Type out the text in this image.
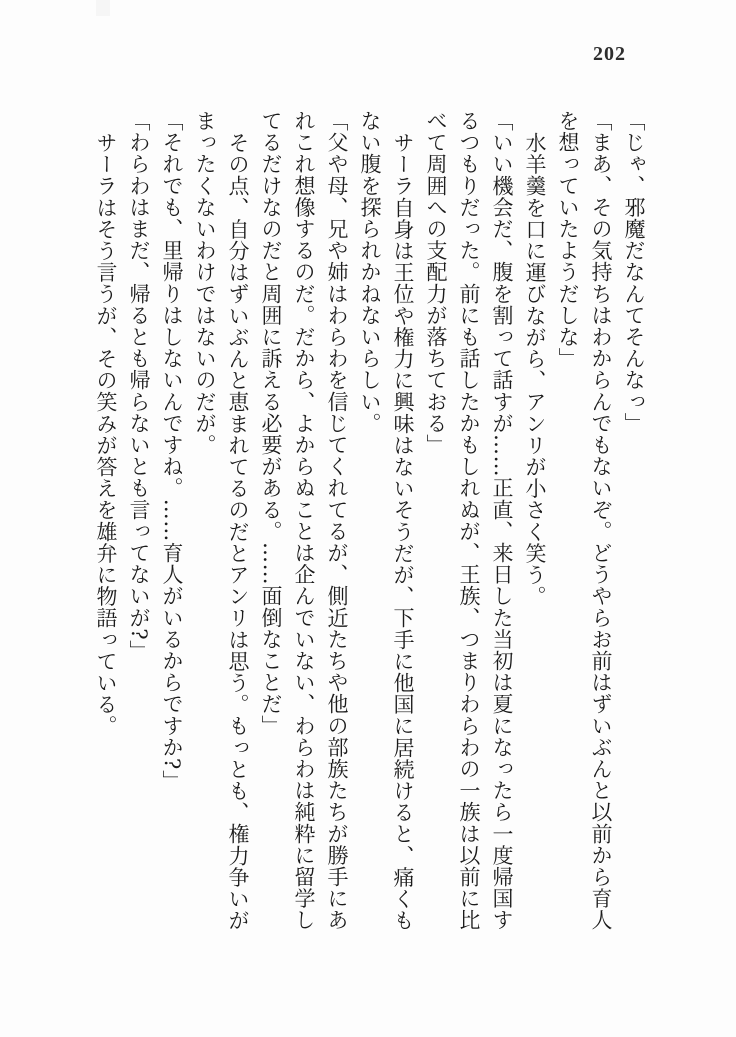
202

「じゃ、邪魔だなんてそんなっ」

「まあ、その気持ちはわからんでもないぞ。どうやらお前はずいぶんと以前から育人

を想っていたようだしな」

水羊羹を口に運びながら、アンリが小さく笑う。

「いい機会だ、腹を割って話すが……正直、来日した当初は夏になったら一度帰国す

るつもりだった。前にも話したかもしれぬが、王族、つまりわらわの一族は以前に比

べて周囲への支配力が落ちておる」

サーラ自身は王位や権力に興味はないそうだが、下手に他国に居続けると、痛くも

ない腹を探られかねないらしい。

「父や母、兄や姉はわらわを信じてくれてるが、側近たちや他の部族たちが勝手にあ

れこれ想像するのだ。だから、よからぬことは企んでいない、わらわは純粋に留学し

てるだけなのだと周囲に訴える必要がある。……面倒なことだ」

その点、自分はずいぶんと恵まれてるのだとアンリは思う。もっとも、権力争いが

まったくないわけではないのだが。

「それでも、里帰りはしないんですね。……育人がいるからですか?」

「わらわはまだ、帰るとも帰らないとも言ってないが?」

サーラはそう言うが、その笑みが答えを雄弁に物語っている。
